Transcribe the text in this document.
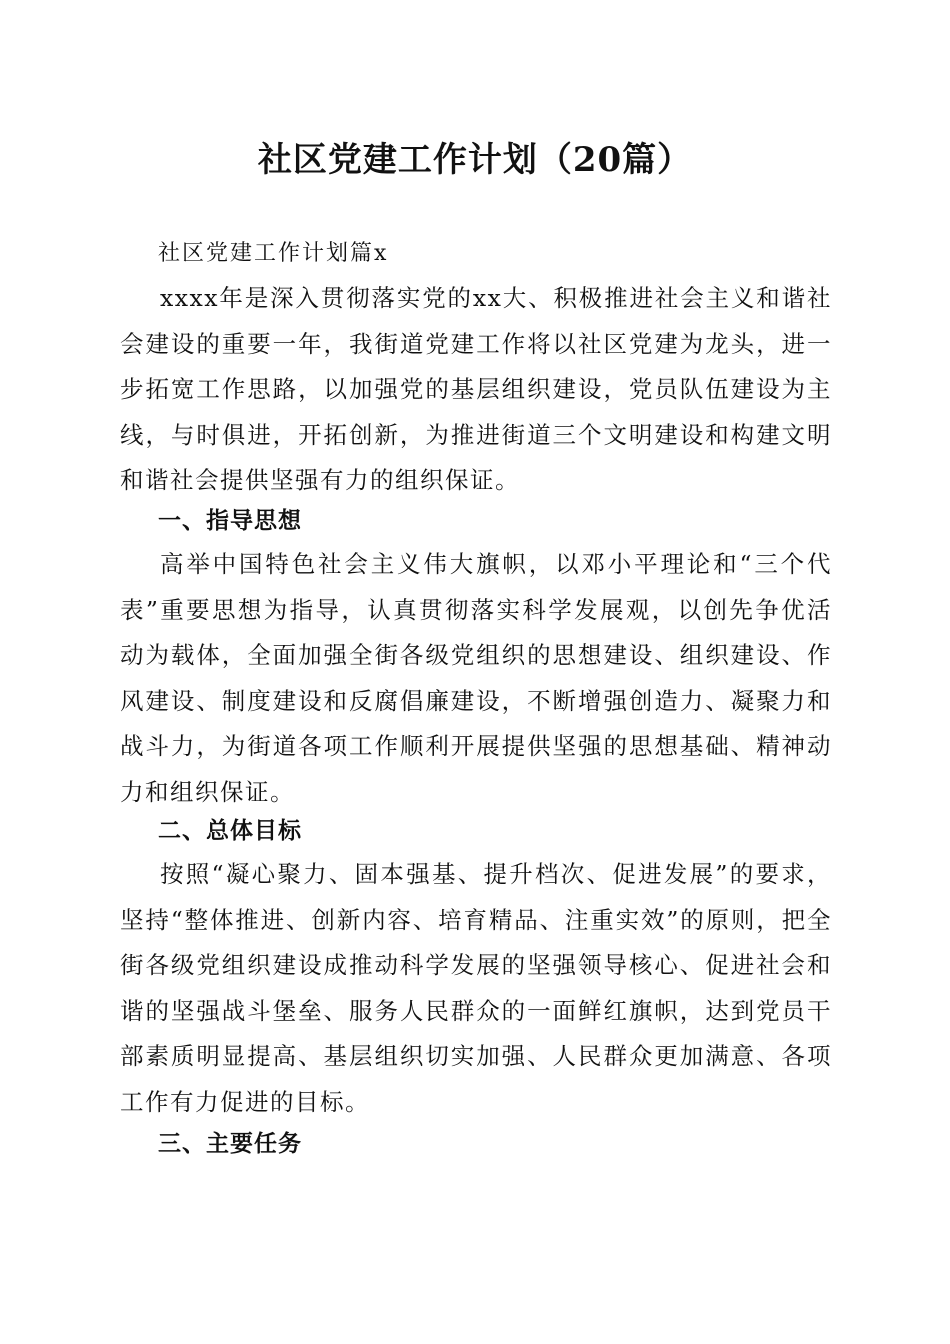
社区党建工作计划（20篇）
社区党建工作计划篇x

xxxx年是深入贯彻落实党的xx大、积极推进社会主义和谐社会建设的重要一年，我街道党建工作将以社区党建为龙头，进一步拓宽工作思路，以加强党的基层组织建设，党员队伍建设为主线，与时俱进，开拓创新，为推进街道三个文明建设和构建文明和谐社会提供坚强有力的组织保证。

一、指导思想

高举中国特色社会主义伟大旗帜，以邓小平理论和“三个代表”重要思想为指导，认真贯彻落实科学发展观，以创先争优活动为载体，全面加强全街各级党组织的思想建设、组织建设、作风建设、制度建设和反腐倡廉建设，不断增强创造力、凝聚力和战斗力，为街道各项工作顺利开展提供坚强的思想基础、精神动力和组织保证。

二、总体目标

按照“凝心聚力、固本强基、提升档次、促进发展”的要求，坚持“整体推进、创新内容、培育精品、注重实效”的原则，把全街各级党组织建设成推动科学发展的坚强领导核心、促进社会和谐的坚强战斗堡垒、服务人民群众的一面鲜红旗帜，达到党员干部素质明显提高、基层组织切实加强、人民群众更加满意、各项工作有力促进的目标。

三、主要任务
